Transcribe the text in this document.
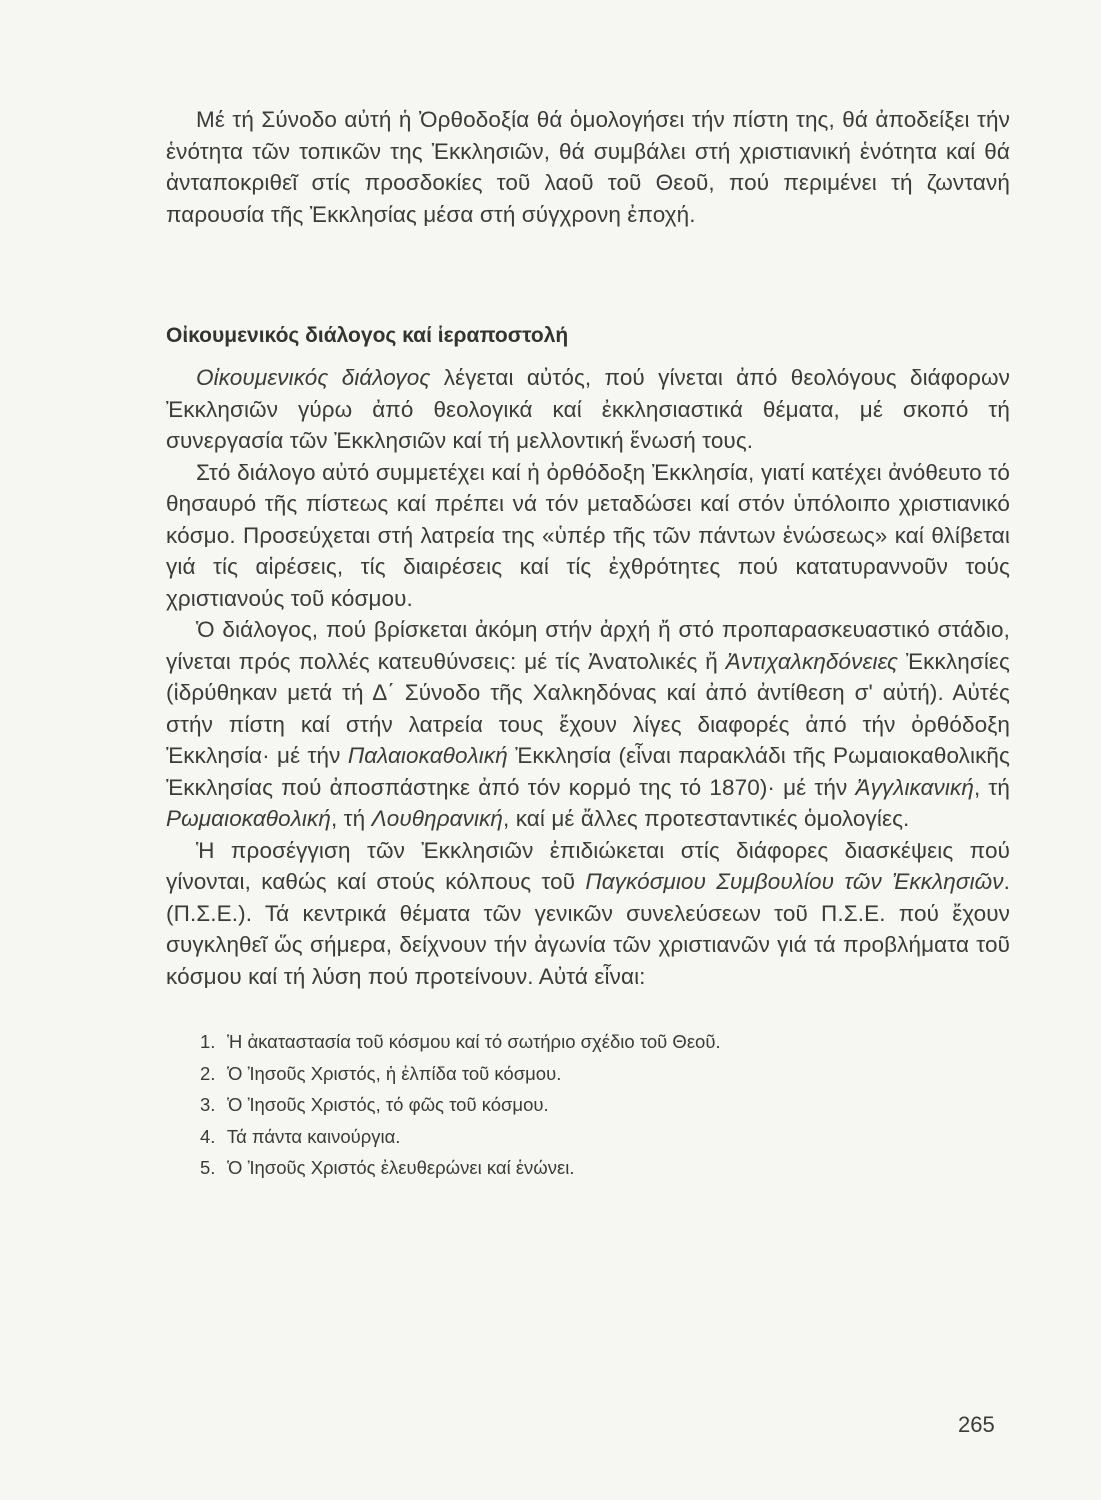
Μέ τή Σύνοδο αὐτή ἡ Ὀρθοδοξία θά ὁμολογήσει τήν πίστη της, θά ἀποδείξει τήν ἑνότητα τῶν τοπικῶν της Ἐκκλησιῶν, θά συμβάλει στή χριστιανική ἑνότητα καί θά ἀνταποκριθεῖ στίς προσδοκίες τοῦ λαοῦ τοῦ Θεοῦ, πού περιμένει τή ζωντανή παρουσία τῆς Ἐκκλησίας μέσα στή σύγχρονη ἐποχή.

Οἰκουμενικός διάλογος καί ἱεραποστολή

Οἰκουμενικός διάλογος λέγεται αὐτός, πού γίνεται ἀπό θεολόγους διάφορων Ἐκκλησιῶν γύρω ἀπό θεολογικά καί ἐκκλησιαστικά θέματα, μέ σκοπό τή συνεργασία τῶν Ἐκκλησιῶν καί τή μελλοντική ἕνωσή τους.

Στό διάλογο αὐτό συμμετέχει καί ἡ ὀρθόδοξη Ἐκκλησία, γιατί κατέχει ἀνόθευτο τό θησαυρό τῆς πίστεως καί πρέπει νά τόν μεταδώσει καί στόν ὑπόλοιπο χριστιανικό κόσμο. Προσεύχεται στή λατρεία της «ὑπέρ τῆς τῶν πάντων ἑνώσεως» καί θλίβεται γιά τίς αἱρέσεις, τίς διαιρέσεις καί τίς ἐχθρότητες πού κατατυραννοῦν τούς χριστιανούς τοῦ κόσμου.

Ὁ διάλογος, πού βρίσκεται ἀκόμη στήν ἀρχή ἤ στό προπαρασκευαστικό στάδιο, γίνεται πρός πολλές κατευθύνσεις: μέ τίς Ἀνατολικές ἤ Ἀντιχαλκηδόνειες Ἐκκλησίες (ἱδρύθηκαν μετά τή Δ΄ Σύνοδο τῆς Χαλκηδόνας καί ἀπό ἀντίθεση σ' αὐτή). Αὐτές στήν πίστη καί στήν λατρεία τους ἔχουν λίγες διαφορές ἀπό τήν ὀρθόδοξη Ἐκκλησία· μέ τήν Παλαιοκαθολική Ἐκκλησία (εἶναι παρακλάδι τῆς Ρωμαιοκαθολικῆς Ἐκκλησίας πού ἀποσπάστηκε ἀπό τόν κορμό της τό 1870)· μέ τήν Ἀγγλικανική, τή Ρωμαιοκαθολική, τή Λουθηρανική, καί μέ ἄλλες προτεσταντικές ὁμολογίες.

Ἡ προσέγγιση τῶν Ἐκκλησιῶν ἐπιδιώκεται στίς διάφορες διασκέψεις πού γίνονται, καθώς καί στούς κόλπους τοῦ Παγκόσμιου Συμβουλίου τῶν Ἐκκλησιῶν. (Π.Σ.Ε.). Τά κεντρικά θέματα τῶν γενικῶν συνελεύσεων τοῦ Π.Σ.Ε. πού ἔχουν συγκληθεῖ ὥς σήμερα, δείχνουν τήν ἀγωνία τῶν χριστιανῶν γιά τά προβλήματα τοῦ κόσμου καί τή λύση πού προτείνουν. Αὐτά εἶναι:

1. Ἡ ἀκαταστασία τοῦ κόσμου καί τό σωτήριο σχέδιο τοῦ Θεοῦ.
2. Ὁ Ἰησοῦς Χριστός, ἡ ἐλπίδα τοῦ κόσμου.
3. Ὁ Ἰησοῦς Χριστός, τό φῶς τοῦ κόσμου.
4. Τά πάντα καινούργια.
5. Ὁ Ἰησοῦς Χριστός ἐλευθερώνει καί ἑνώνει.
265
